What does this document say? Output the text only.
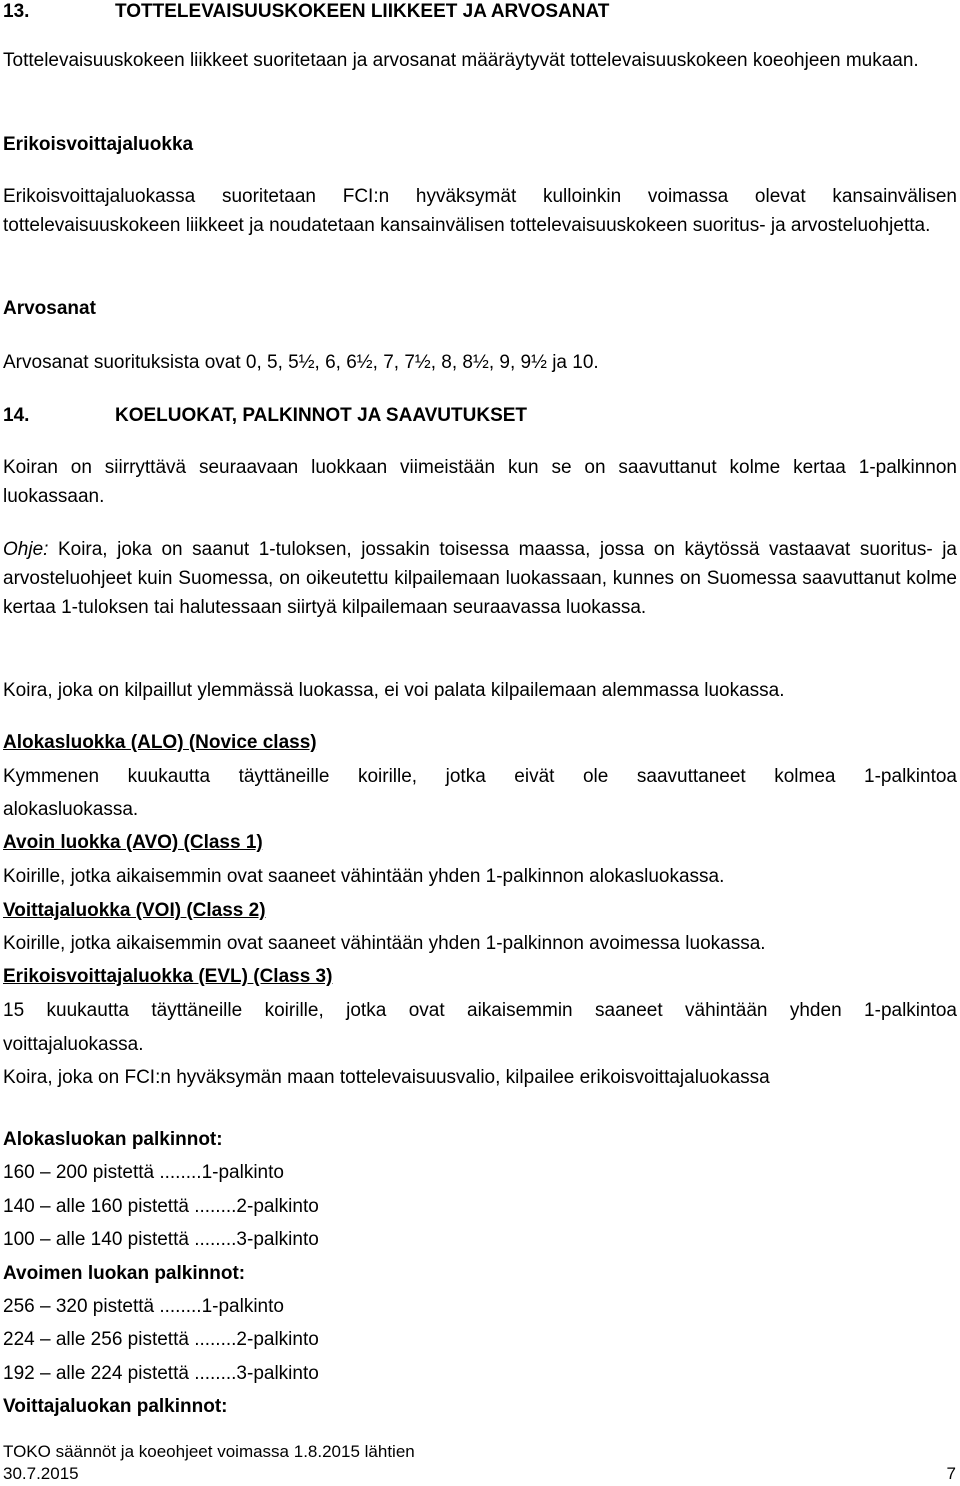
13.	TOTTELEVAISUUSKOKEEN LIIKKEET JA ARVOSANAT
Tottelevaisuuskokeen liikkeet suoritetaan ja arvosanat määräytyvät tottelevaisuuskokeen koeohjeen mukaan.
Erikoisvoittajaluokka
Erikoisvoittajaluokassa suoritetaan FCI:n hyväksymät kulloinkin voimassa olevat kansainvälisen tottelevaisuuskokeen liikkeet ja noudatetaan kansainvälisen tottelevaisuuskokeen suoritus- ja arvosteluohjetta.
Arvosanat
Arvosanat suorituksista ovat 0, 5, 5½, 6, 6½, 7, 7½, 8, 8½, 9, 9½ ja 10.
14.	KOELUOKAT, PALKINNOT JA SAAVUTUKSET
Koiran on siirryttävä seuraavaan luokkaan viimeistään kun se on saavuttanut kolme kertaa 1-palkinnon luokassaan.
Ohje: Koira, joka on saanut 1-tuloksen, jossakin toisessa maassa, jossa on käytössä vastaavat suoritus- ja arvosteluohjeet kuin Suomessa, on oikeutettu kilpailemaan luokassaan, kunnes on Suomessa saavuttanut kolme kertaa 1-tuloksen tai halutessaan siirtyä kilpailemaan seuraavassa luokassa.
Koira, joka on kilpaillut ylemmässä luokassa, ei voi palata kilpailemaan alemmassa luokassa.
Alokasluokka (ALO) (Novice class)
Kymmenen kuukautta täyttäneille koirille, jotka eivät ole saavuttaneet kolmea 1-palkintoa
alokasluokassa.
Avoin luokka (AVO) (Class 1)
Koirille, jotka aikaisemmin ovat saaneet vähintään yhden 1-palkinnon alokasluokassa.
Voittajaluokka (VOI) (Class 2)
Koirille, jotka aikaisemmin ovat saaneet vähintään yhden 1-palkinnon avoimessa luokassa.
Erikoisvoittajaluokka (EVL) (Class 3)
15 kuukautta täyttäneille koirille, jotka ovat aikaisemmin saaneet vähintään yhden 1-palkintoa
voittajaluokassa.
Koira, joka on FCI:n hyväksymän maan tottelevaisuusvalio, kilpailee erikoisvoittajaluokassa
Alokasluokan palkinnot:
160 – 200 pistettä ........1-palkinto
140 – alle 160 pistettä ........2-palkinto
100 – alle 140 pistettä ........3-palkinto
Avoimen luokan palkinnot:
256 – 320 pistettä ........1-palkinto
224 – alle 256 pistettä ........2-palkinto
192 – alle 224 pistettä ........3-palkinto
Voittajaluokan palkinnot:
TOKO säännöt ja koeohjeet voimassa 1.8.2015 lähtien
30.7.2015	7
